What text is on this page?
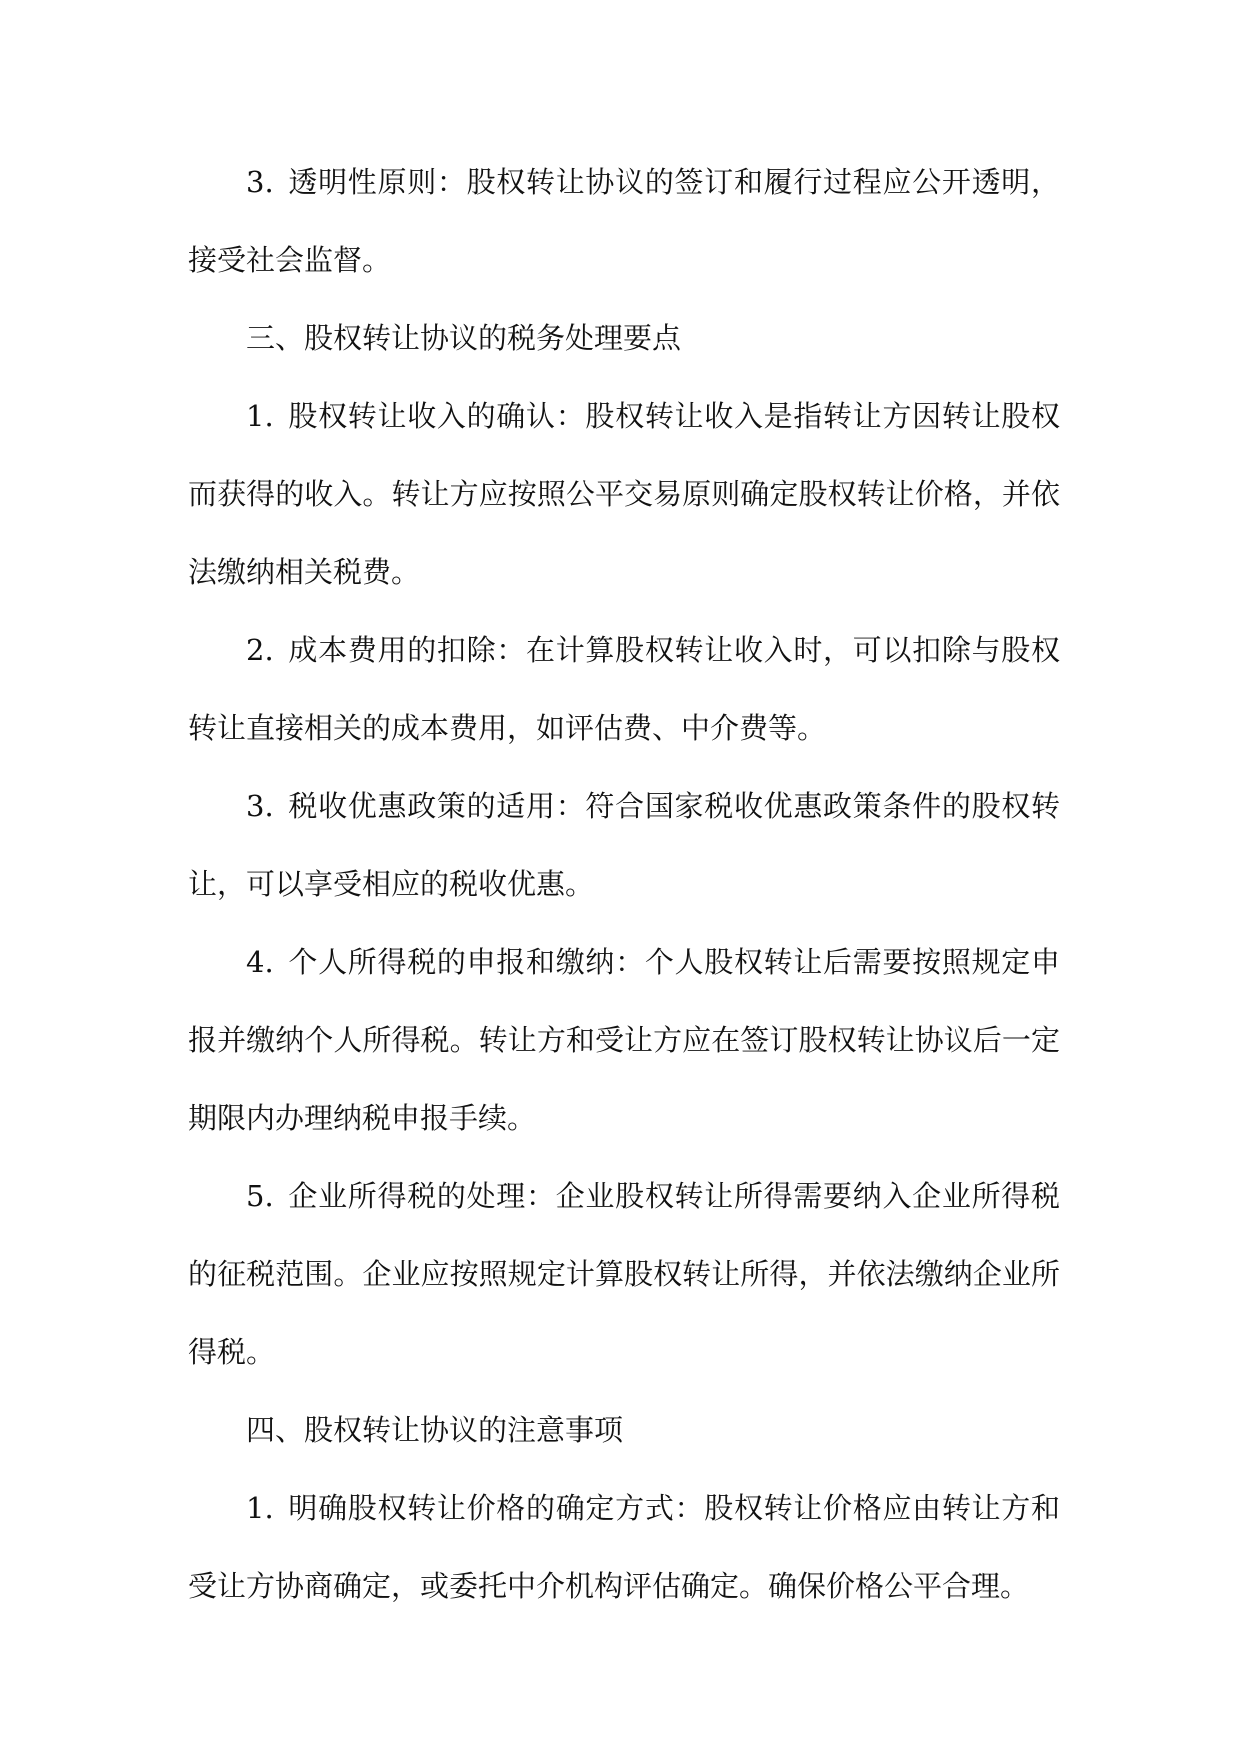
3. 透明性原则：股权转让协议的签订和履行过程应公开透明，接受社会监督。

三、股权转让协议的税务处理要点

1. 股权转让收入的确认：股权转让收入是指转让方因转让股权而获得的收入。转让方应按照公平交易原则确定股权转让价格，并依法缴纳相关税费。

2. 成本费用的扣除：在计算股权转让收入时，可以扣除与股权转让直接相关的成本费用，如评估费、中介费等。

3. 税收优惠政策的适用：符合国家税收优惠政策条件的股权转让，可以享受相应的税收优惠。

4. 个人所得税的申报和缴纳：个人股权转让后需要按照规定申报并缴纳个人所得税。转让方和受让方应在签订股权转让协议后一定期限内办理纳税申报手续。

5. 企业所得税的处理：企业股权转让所得需要纳入企业所得税的征税范围。企业应按照规定计算股权转让所得，并依法缴纳企业所得税。

四、股权转让协议的注意事项

1. 明确股权转让价格的确定方式：股权转让价格应由转让方和受让方协商确定，或委托中介机构评估确定。确保价格公平合理。
